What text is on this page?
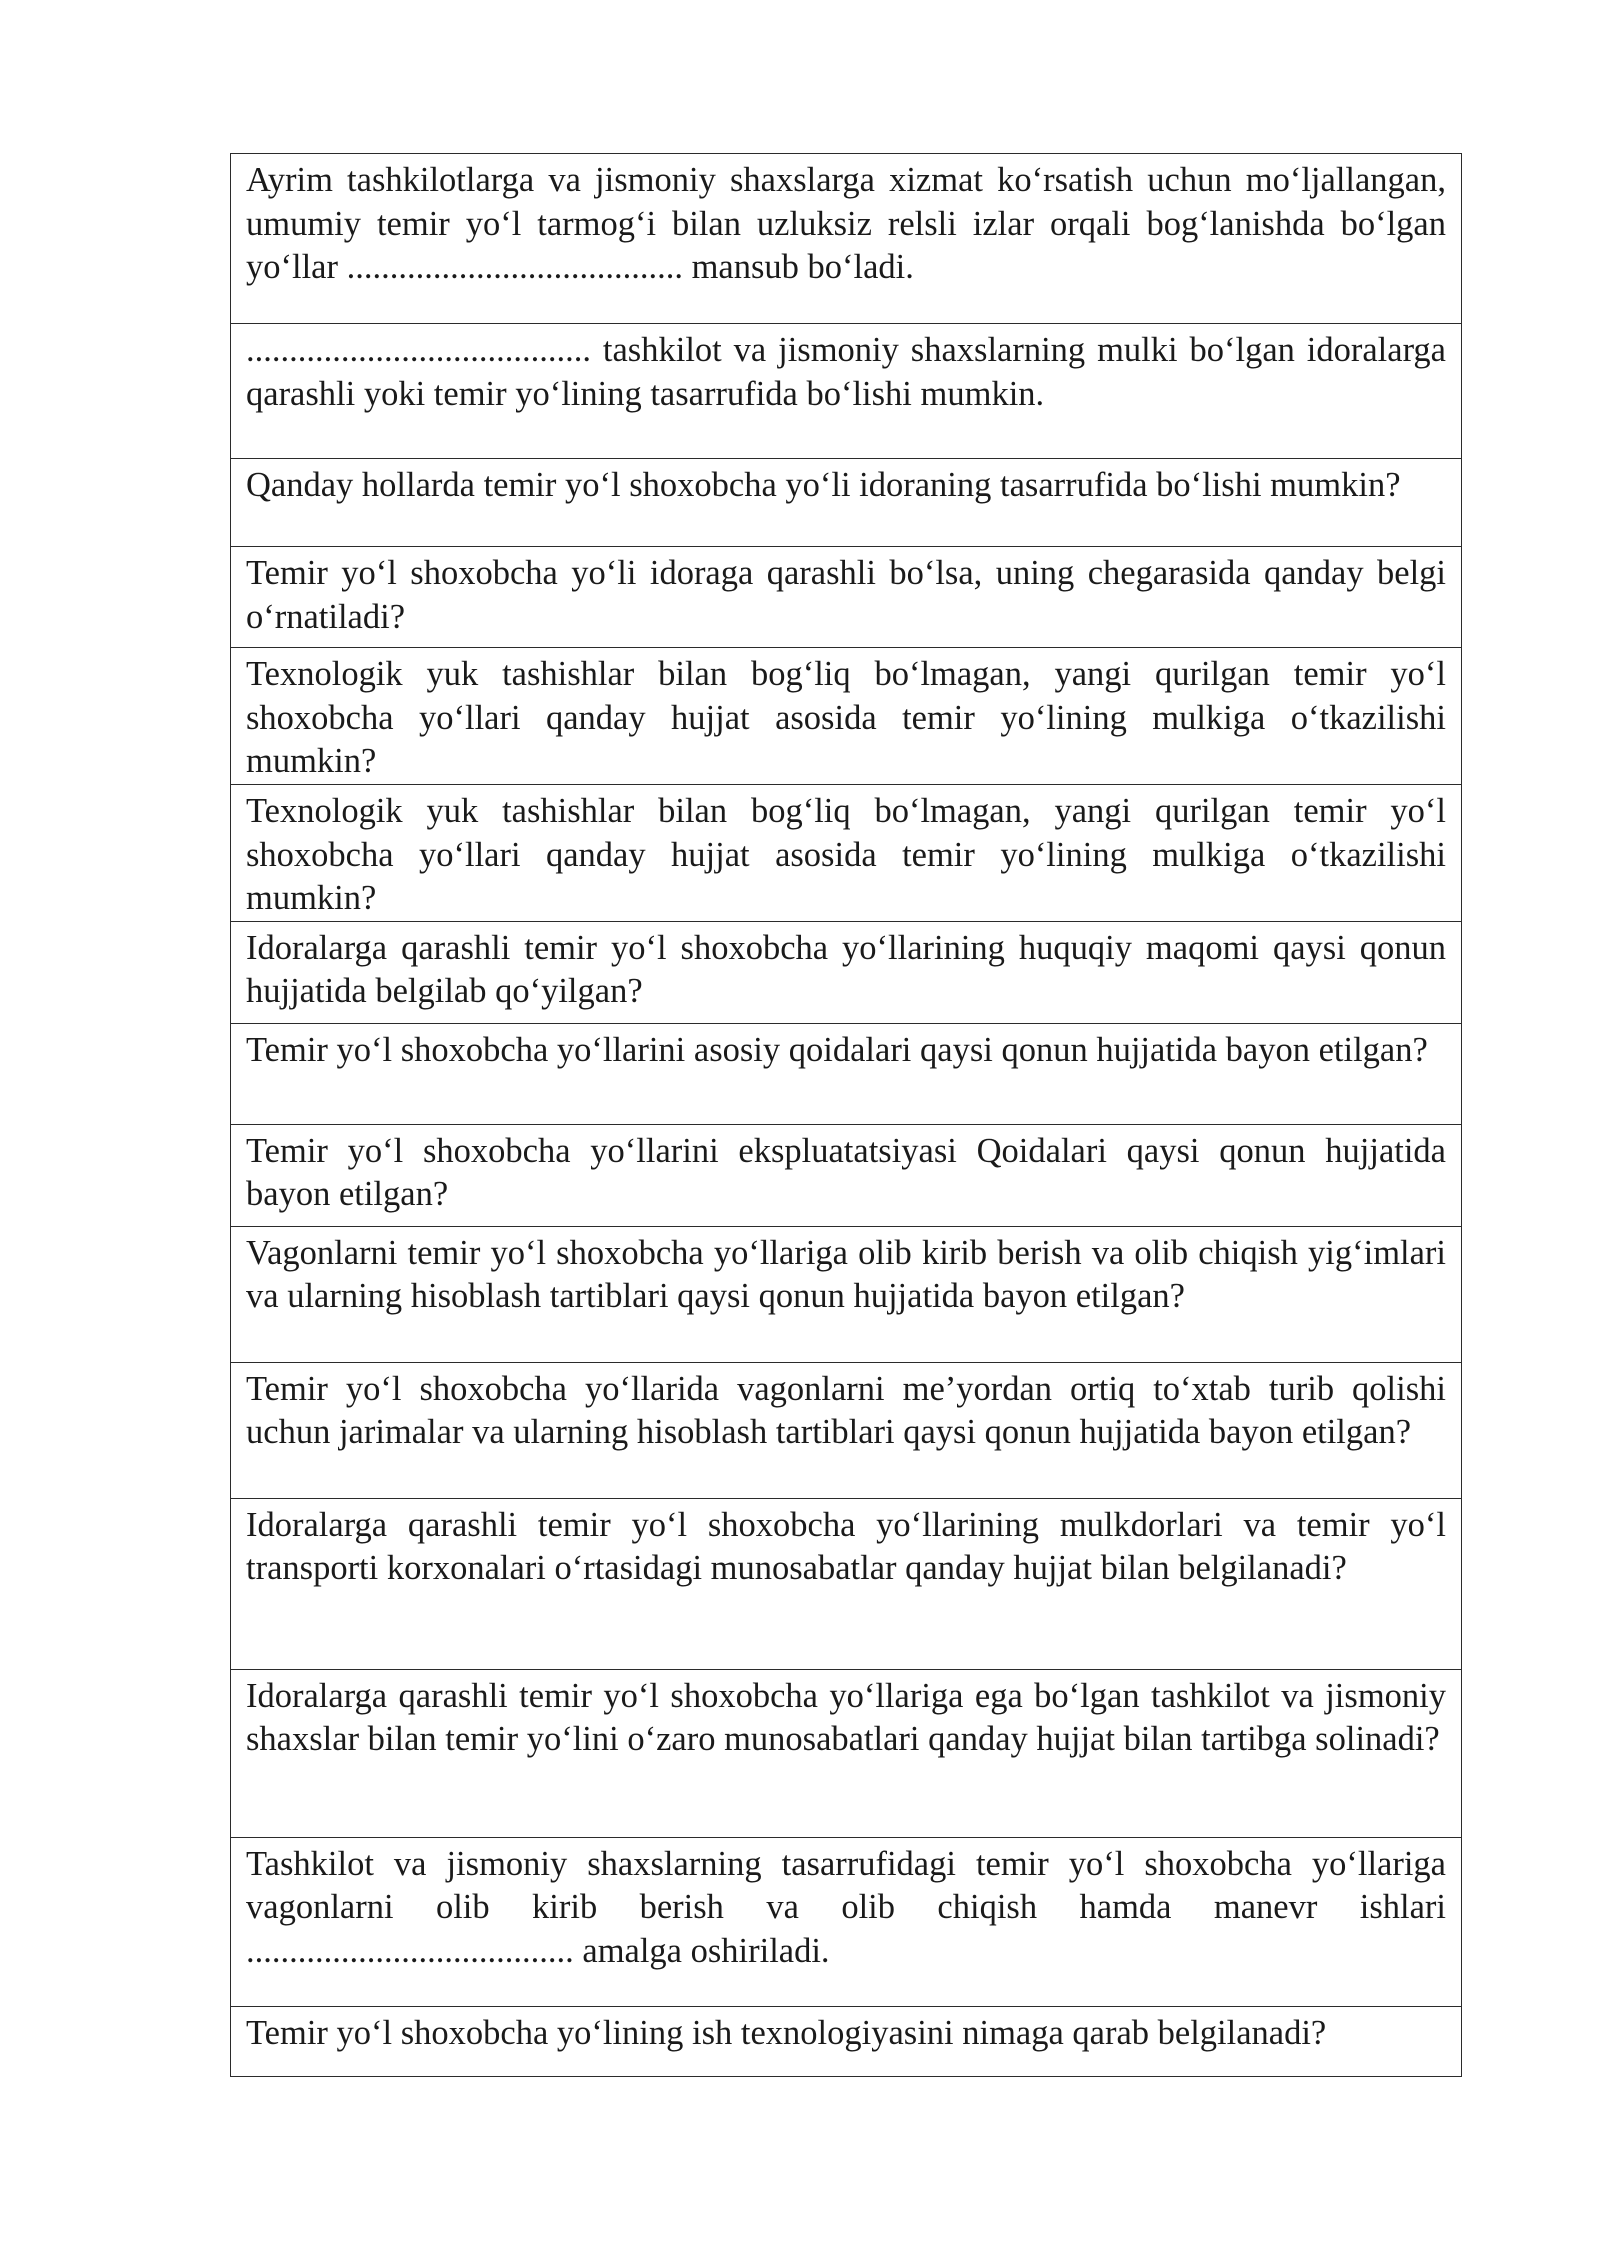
Ayrim tashkilotlarga va jismoniy shaxslarga xizmat ko‘rsatish uchun mo‘ljallangan, umumiy temir yo‘l tarmog‘i bilan uzluksiz relsli izlar orqali bog‘lanishda bo‘lgan yo‘llar ....................................... mansub bo‘ladi.
........................................ tashkilot va jismoniy shaxslarning mulki bo‘lgan idoralarga qarashli yoki temir yo‘lining tasarrufida bo‘lishi mumkin.
Qanday hollarda temir yo‘l shoxobcha yo‘li idoraning tasarrufida bo‘lishi mumkin?
Temir yo‘l shoxobcha yo‘li idoraga qarashli bo‘lsa, uning chegarasida qanday belgi o‘rnatiladi?
Texnologik yuk tashishlar bilan bog‘liq bo‘lmagan, yangi qurilgan temir yo‘l shoxobcha yo‘llari qanday hujjat asosida temir yo‘lining mulkiga o‘tkazilishi mumkin?
Texnologik yuk tashishlar bilan bog‘liq bo‘lmagan, yangi qurilgan temir yo‘l shoxobcha yo‘llari qanday hujjat asosida temir yo‘lining mulkiga o‘tkazilishi mumkin?
Idoralarga qarashli temir yo‘l shoxobcha yo‘llarining huquqiy maqomi qaysi qonun hujjatida belgilab qo‘yilgan?
Temir yo‘l shoxobcha yo‘llarini asosiy qoidalari qaysi qonun hujjatida bayon etilgan?
Temir yo‘l shoxobcha yo‘llarini ekspluatatsiyasi Qoidalari qaysi qonun hujjatida bayon etilgan?
Vagonlarni temir yo‘l shoxobcha yo‘llariga olib kirib berish va olib chiqish yig‘imlari va ularning hisoblash tartiblari qaysi qonun hujjatida bayon etilgan?
Temir yo‘l shoxobcha yo‘llarida vagonlarni me’yordan ortiq to‘xtab turib qolishi uchun jarimalar va ularning hisoblash tartiblari qaysi qonun hujjatida bayon etilgan?
Idoralarga qarashli temir yo‘l shoxobcha yo‘llarining mulkdorlari va temir yo‘l transporti korxonalari o‘rtasidagi munosabatlar qanday hujjat bilan belgilanadi?
Idoralarga qarashli temir yo‘l shoxobcha yo‘llariga ega bo‘lgan tashkilot va jismoniy shaxslar bilan temir yo‘lini o‘zaro munosabatlari qanday hujjat bilan tartibga solinadi?
Tashkilot va jismoniy shaxslarning tasarrufidagi temir yo‘l shoxobcha yo‘llariga vagonlarni olib kirib berish va olib chiqish hamda manevr ishlari ...................................... amalga oshiriladi.
Temir yo‘l shoxobcha yo‘lining ish texnologiyasini nimaga qarab belgilanadi?
